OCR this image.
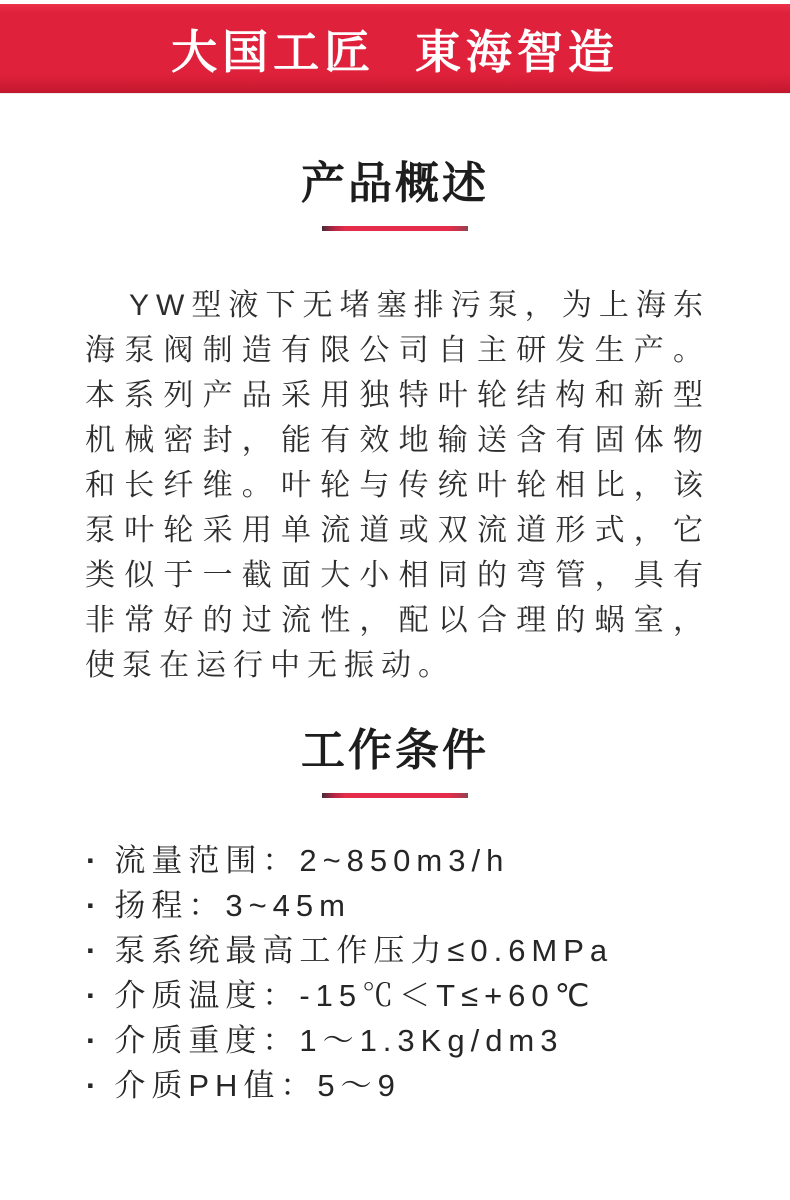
大国工匠 東海智造
产品概述

YW型液下无堵塞排污泵，为上海东海泵阀制造有限公司自主研发生产。本系列产品采用独特叶轮结构和新型机械密封，能有效地输送含有固体物和长纤维。叶轮与传统叶轮相比，该泵叶轮采用单流道或双流道形式，它类似于一截面大小相同的弯管，具有非常好的过流性，配以合理的蜗室，使泵在运行中无振动。

工作条件
· 流量范围：2~850m3/h
· 扬程：3~45m
· 泵系统最高工作压力≤0.6MPa
· 介质温度：-15℃＜T≤+60℃
· 介质重度：1～1.3Kg/dm3
· 介质PH值：5～9
